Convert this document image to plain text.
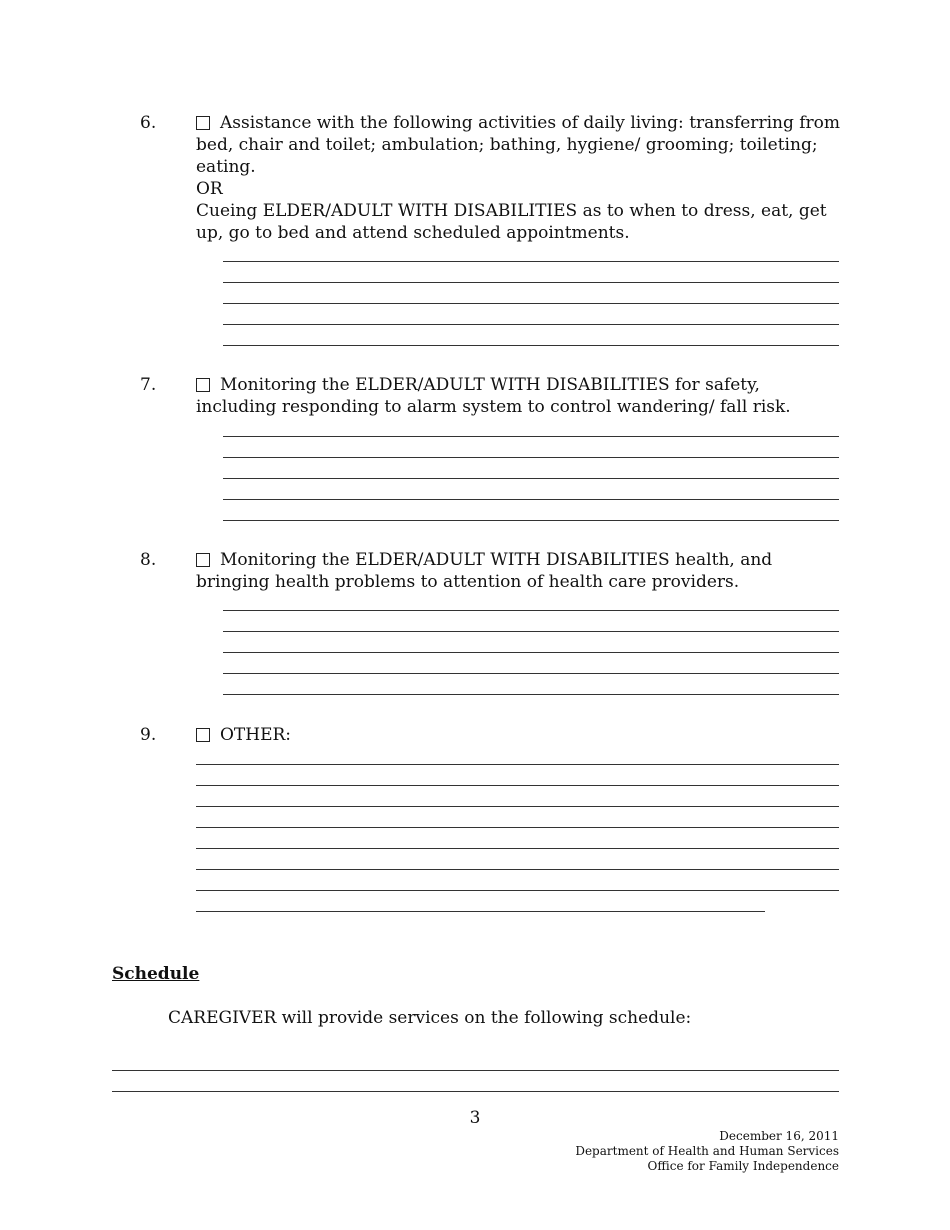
6.	Assistance with the following activities of daily living: transferring from bed, chair and toilet; ambulation; bathing, hygiene/ grooming; toileting; eating.
OR
Cueing ELDER/ADULT WITH DISABILITIES as to when to dress, eat, get up, go to bed and attend scheduled appointments.
7.	Monitoring the ELDER/ADULT WITH DISABILITIES for safety, including responding to alarm system to control wandering/ fall risk.
8.	Monitoring the ELDER/ADULT WITH DISABILITIES health, and bringing health problems to attention of health care providers.
9.	OTHER:
Schedule
CAREGIVER will provide services on the following schedule:
3
December 16, 2011
Department of Health and Human Services
Office for Family Independence
